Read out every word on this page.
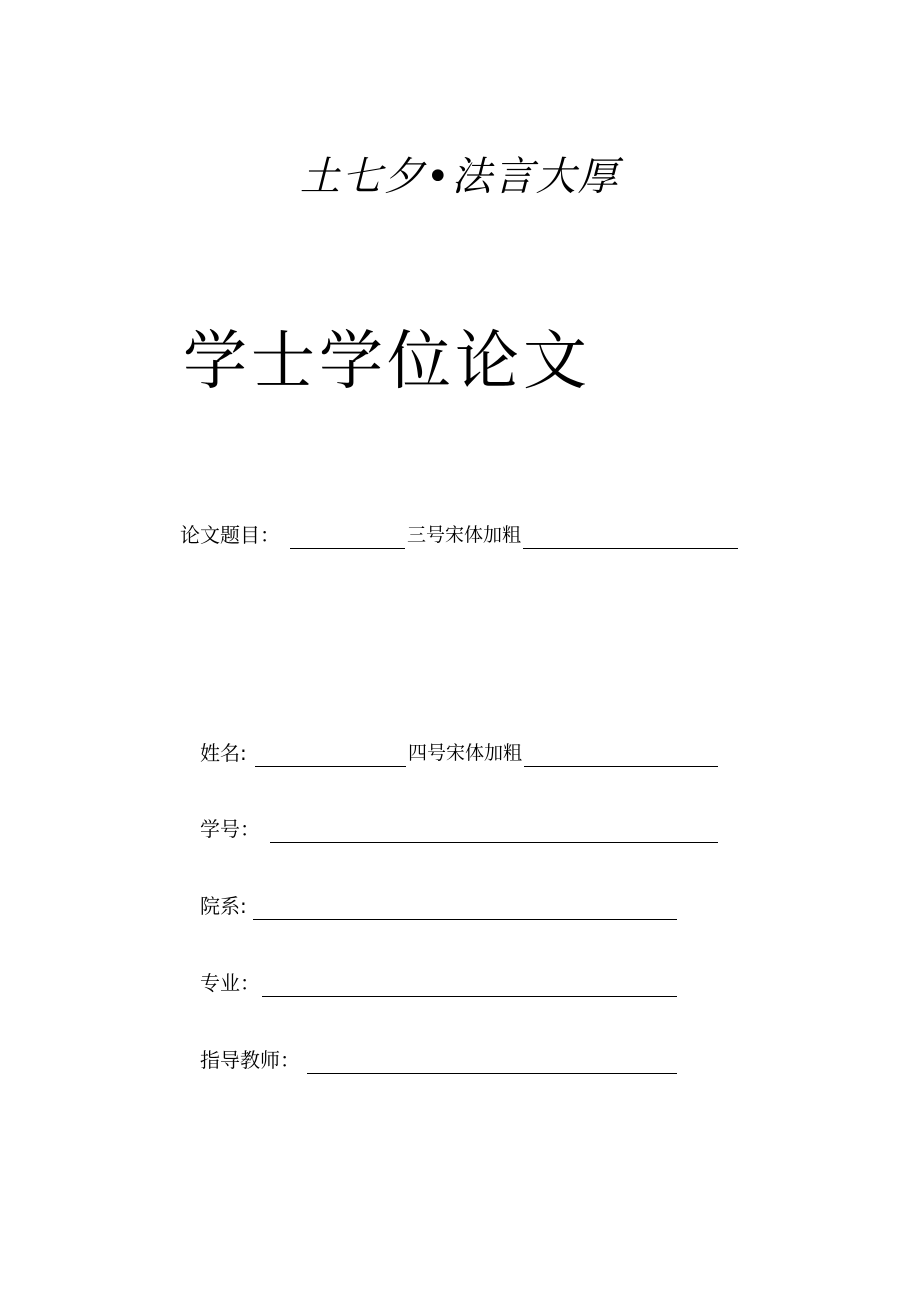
土七夕•法言大厚
学士学位论文
论文题目：	三号宋体加粗
姓名:	四号宋体加粗
学号：
院系:
专业：
指导教师：
